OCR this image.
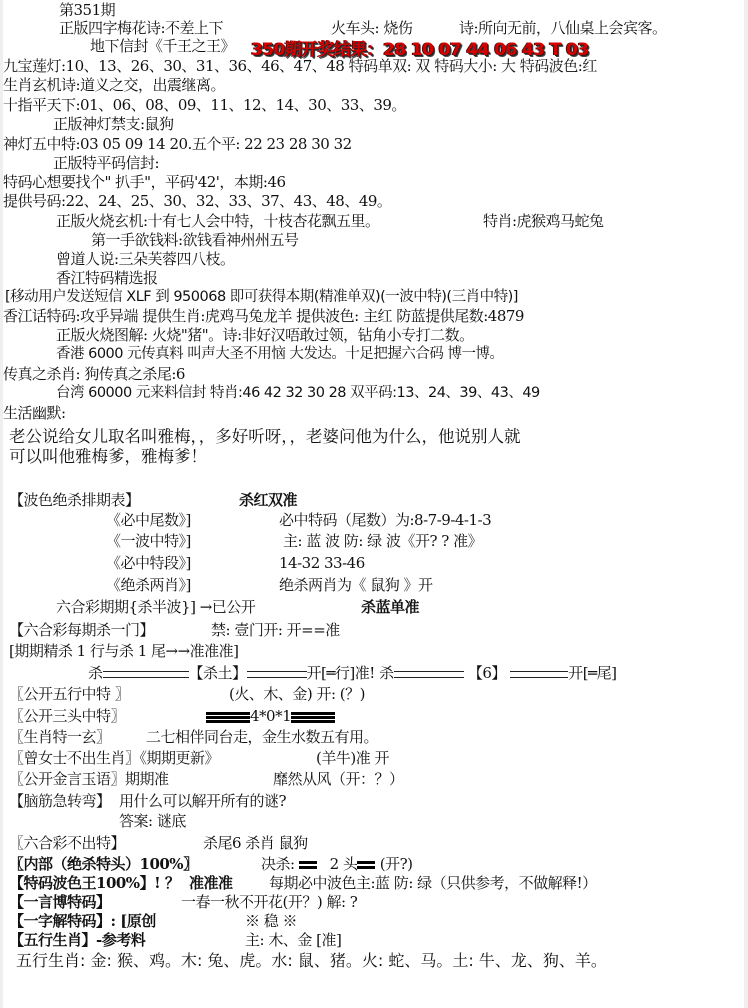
第351期
正版四字梅花诗:不差上下	火车头: 烧伤	诗:所向无前，八仙桌上会宾客。
地下信封《千王之王》 350期开奖结果：28 10 07 44 06 43 T 03
九宝莲灯:10、13、26、30、31、36、46、47、48 特码单双: 双 特码大小: 大 特码波色:红
生肖玄机诗:道义之交，出震继离。
十指平天下:01、06、08、09、11、12、14、30、33、39。
正版神灯禁支:鼠狗
神灯五中特:03 05 09 14 20.五个平: 22 23 28 30 32
正版特平码信封:
特码心想要找个" 扒手"，平码'42'，本期:46
提供号码:22、24、25、30、32、33、37、43、48、49。
正版火烧玄机:十有七人会中特，十枝杏花飘五里。	特肖:虎猴鸡马蛇兔
第一手欲钱料:欲钱看神州州五号
曾道人说:三朵芙蓉四八枝。
香江特码精选报
[移动用户发送短信 XLF 到 950068 即可获得本期(精准单双)(一波中特)(三肖中特)]
香江话特码:攻乎异端 提供生肖:虎鸡马兔龙羊 提供波色: 主红 防蓝提供尾数:4879
正版火烧图解: 火烧"猪"。诗:非好汉唔敢过领，钻角小专打二数。
香港 6000 元传真料 叫声大圣不用恼 大发达。十足把握六合码 博一博。
传真之杀肖: 狗传真之杀尾:6
台湾 60000 元来料信封 特肖:46 42 32 30 28 双平码:13、24、39、43、49
生活幽默:
老公说给女儿取名叫雅梅，，多好听呀，，老婆问他为什么，他说别人就
可以叫他雅梅爹，雅梅爹！
【波色绝杀排期表】	杀红双准
《必中尾数》]	必中特码（尾数）为:8-7-9-4-1-3
《一波中特》]	主: 蓝 波 防: 绿 波《开? ? 准》
《必中特段》]	14-32 33-46
《绝杀两肖》]	绝杀两肖为《 鼠狗 》开
六合彩期期{杀半波}] →已公开	杀蓝单准
【六合彩每期杀一门】	禁: 壹门开: 开==准
[期期精杀 1 行与杀 1 尾→→准准准]
杀	【杀土】	开[═行]准! 杀	【6】	开[═尾]
〖公开五行中特 〗	(火、木、金) 开: (？)
〖公开三头中特〗	4*0*1
〖生肖特一玄〗 二七相伴同台走，金生水数五有用。
〖曾女士不出生肖〗《期期更新》	(羊牛)准 开
〖公开金言玉语〗期期准	靡然从风（开：？）
【脑筋急转弯】 用什么可以解开所有的谜?
答案: 谜底
〖六合彩不出特】	杀尾6 杀肖 鼠狗
〖内部（绝杀特头）100%〗	决杀: 2 头 (开?)
【特码波色王100%】! ？ 准准准 每期必中波色主:蓝 防: 绿（只供参考，不做解释!）
【一言博特码】	一春一秋不开花(开？) 解: ?
【一字解特码】: [原创	※ 稳 ※
【五行生肖】-参考料	主: 木、金 [准]
五行生肖: 金: 猴、鸡。木: 兔、虎。水: 鼠、猪。火: 蛇、马。土: 牛、龙、狗、羊。
